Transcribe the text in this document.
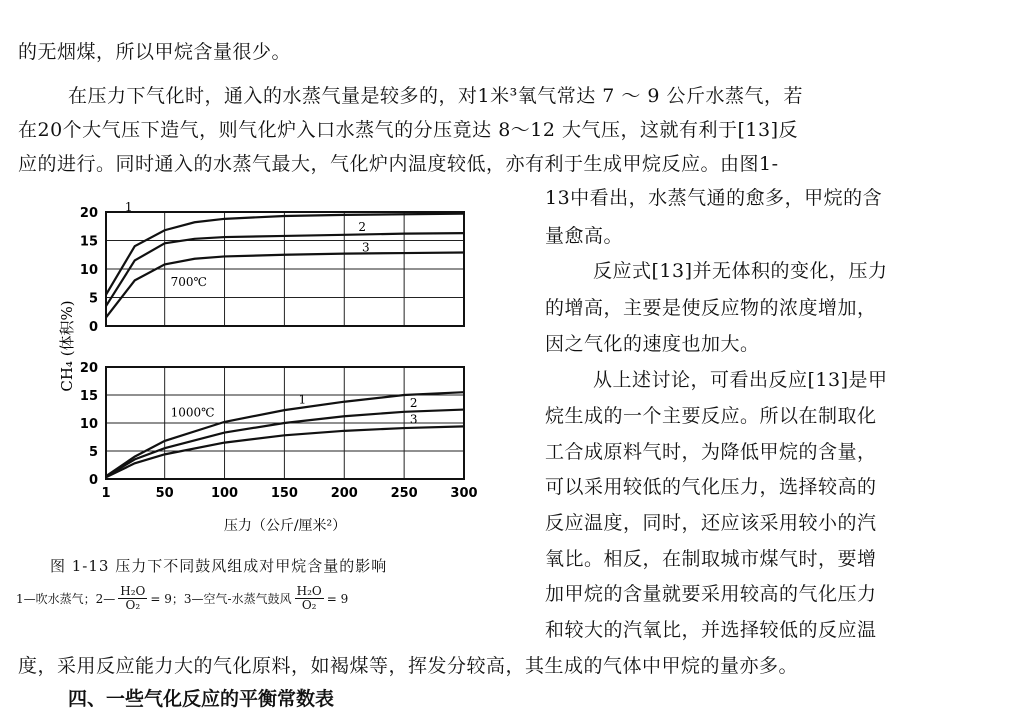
的无烟煤，所以甲烷含量很少。
在压力下气化时，通入的水蒸气量是较多的，对1米³氧气常达 7 ～ 9 公斤水蒸气，若
在20个大气压下造气，则气化炉入口水蒸气的分压竟达 8～12 大气压，这就有利于[13]反
应的进行。同时通入的水蒸气最大，气化炉内温度较低，亦有利于生成甲烷反应。由图1-
13中看出，水蒸气通的愈多，甲烷的含
量愈高。
反应式[13]并无体积的变化，压力
的增高，主要是使反应物的浓度增加，
因之气化的速度也加大。
从上述讨论，可看出反应[13]是甲
烷生成的一个主要反应。所以在制取化
工合成原料气时，为降低甲烷的含量，
可以采用较低的气化压力，选择较高的
反应温度，同时，还应该采用较小的汽
氧比。相反，在制取城市煤气时，要增
加甲烷的含量就要采用较高的气化压力
和较大的汽氧比，并选择较低的反应温
度，采用反应能力大的气化原料，如褐煤等，挥发分较高，其生成的气体中甲烷的量亦多。
四、一些气化反应的平衡常数表
0
5
10
15
20 1
2
3
700℃
0
5
10
15
20
1	50	100	150	200	250	300
1	2
3
1000℃
CH₄ (体积%)
压力（公斤/厘米²）
图 1-13 压力下不同鼓风组成对甲烷含量的影响
1—吹水蒸气；2— $\frac{\text{H₂O}}{\text{O₂}} = 9$；3—空气-水蒸气鼓风 $\frac{\text{H₂O}}{\text{O₂}} = 9$
